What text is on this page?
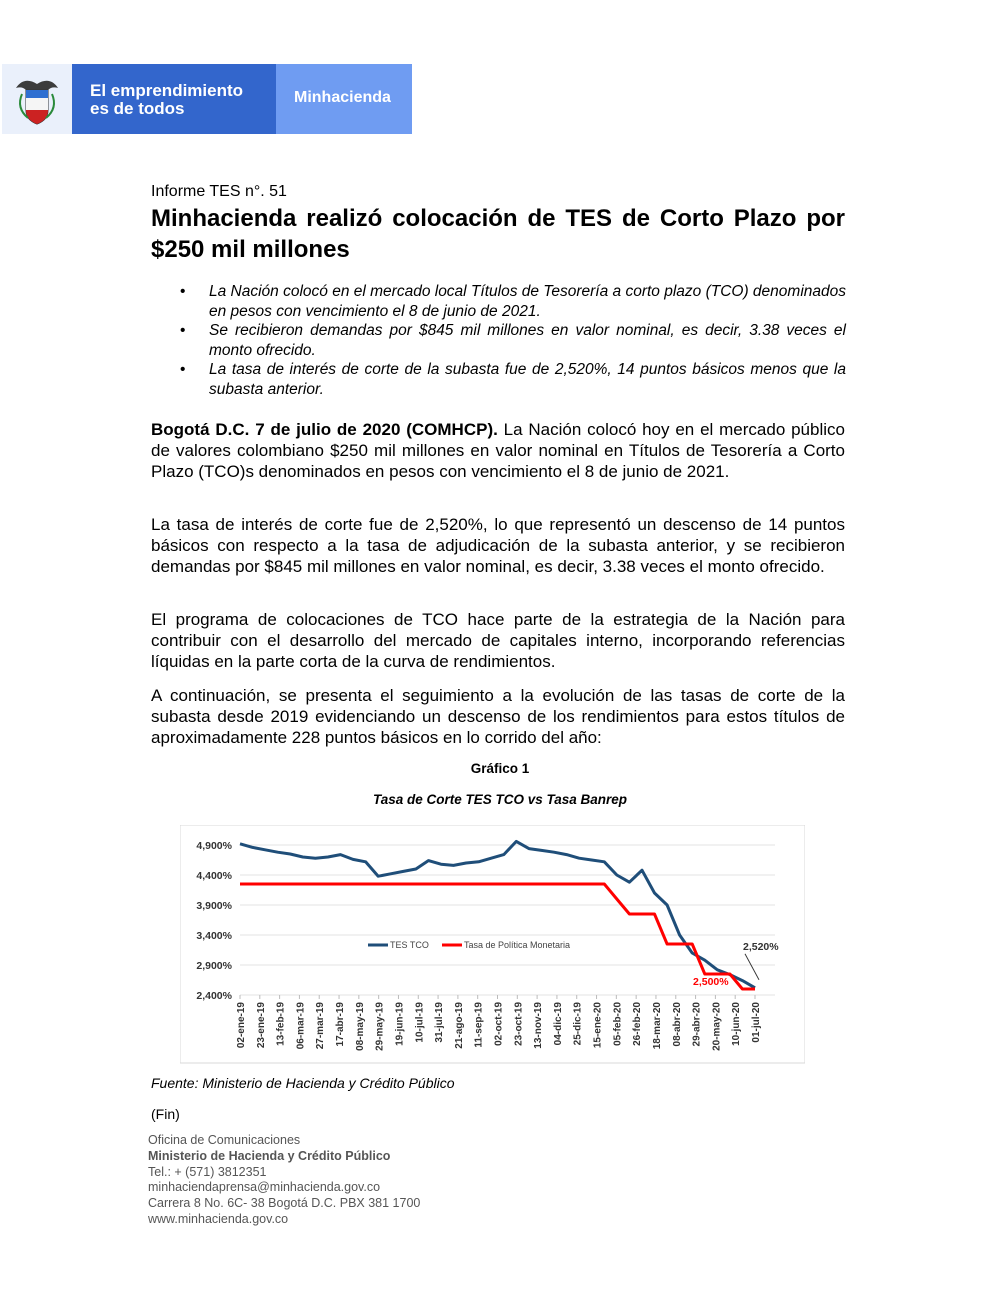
El emprendimiento
es de todos
Minhacienda
Informe TES n°. 51
Minhacienda realizó colocación de TES de Corto Plazo por $250 mil millones
• La Nación colocó en el mercado local Títulos de Tesorería a corto plazo (TCO) denominados en pesos con vencimiento el 8 de junio de 2021.
• Se recibieron demandas por $845 mil millones en valor nominal, es decir, 3.38 veces el monto ofrecido.
• La tasa de interés de corte de la subasta fue de 2,520%, 14 puntos básicos menos que la subasta anterior.

Bogotá D.C. 7 de julio de 2020 (COMHCP). La Nación colocó hoy en el mercado público de valores colombiano $250 mil millones en valor nominal en Títulos de Tesorería a Corto Plazo (TCO)s denominados en pesos con vencimiento el 8 de junio de 2021.

La tasa de interés de corte fue de 2,520%, lo que representó un descenso de 14 puntos básicos con respecto a la tasa de adjudicación de la subasta anterior, y se recibieron demandas por $845 mil millones en valor nominal, es decir, 3.38 veces el monto ofrecido.

El programa de colocaciones de TCO hace parte de la estrategia de la Nación para contribuir con el desarrollo del mercado de capitales interno, incorporando referencias líquidas en la parte corta de la curva de rendimientos.

A continuación, se presenta el seguimiento a la evolución de las tasas de corte de la subasta desde 2019 evidenciando un descenso de los rendimientos para estos títulos de aproximadamente 228 puntos básicos en lo corrido del año:

Gráfico 1
Tasa de Corte TES TCO vs Tasa Banrep
4,900%
4,400%
3,900%
3,400%
2,900%
2,400%
02-ene-19 23-ene-19 13-feb-19 06-mar-19 27-mar-19 17-abr-19 08-may-19 29-may-19 19-jun-19 10-jul-19 31-jul-19 21-ago-19 11-sep-19 02-oct-19 23-oct-19 13-nov-19 04-dic-19 25-dic-19 15-ene-20 05-feb-20 26-feb-20 18-mar-20 08-abr-20 29-abr-20 20-may-20 10-jun-20 01-jul-20
TES TCO	Tasa de Política Monetaria	2,520%
2,500%
Fuente: Ministerio de Hacienda y Crédito Público
(Fin)
Oficina de Comunicaciones
Ministerio de Hacienda y Crédito Público
Tel.: + (571) 3812351
minhaciendaprensa@minhacienda.gov.co
Carrera 8 No. 6C- 38 Bogotá D.C. PBX 381 1700
www.minhacienda.gov.co
